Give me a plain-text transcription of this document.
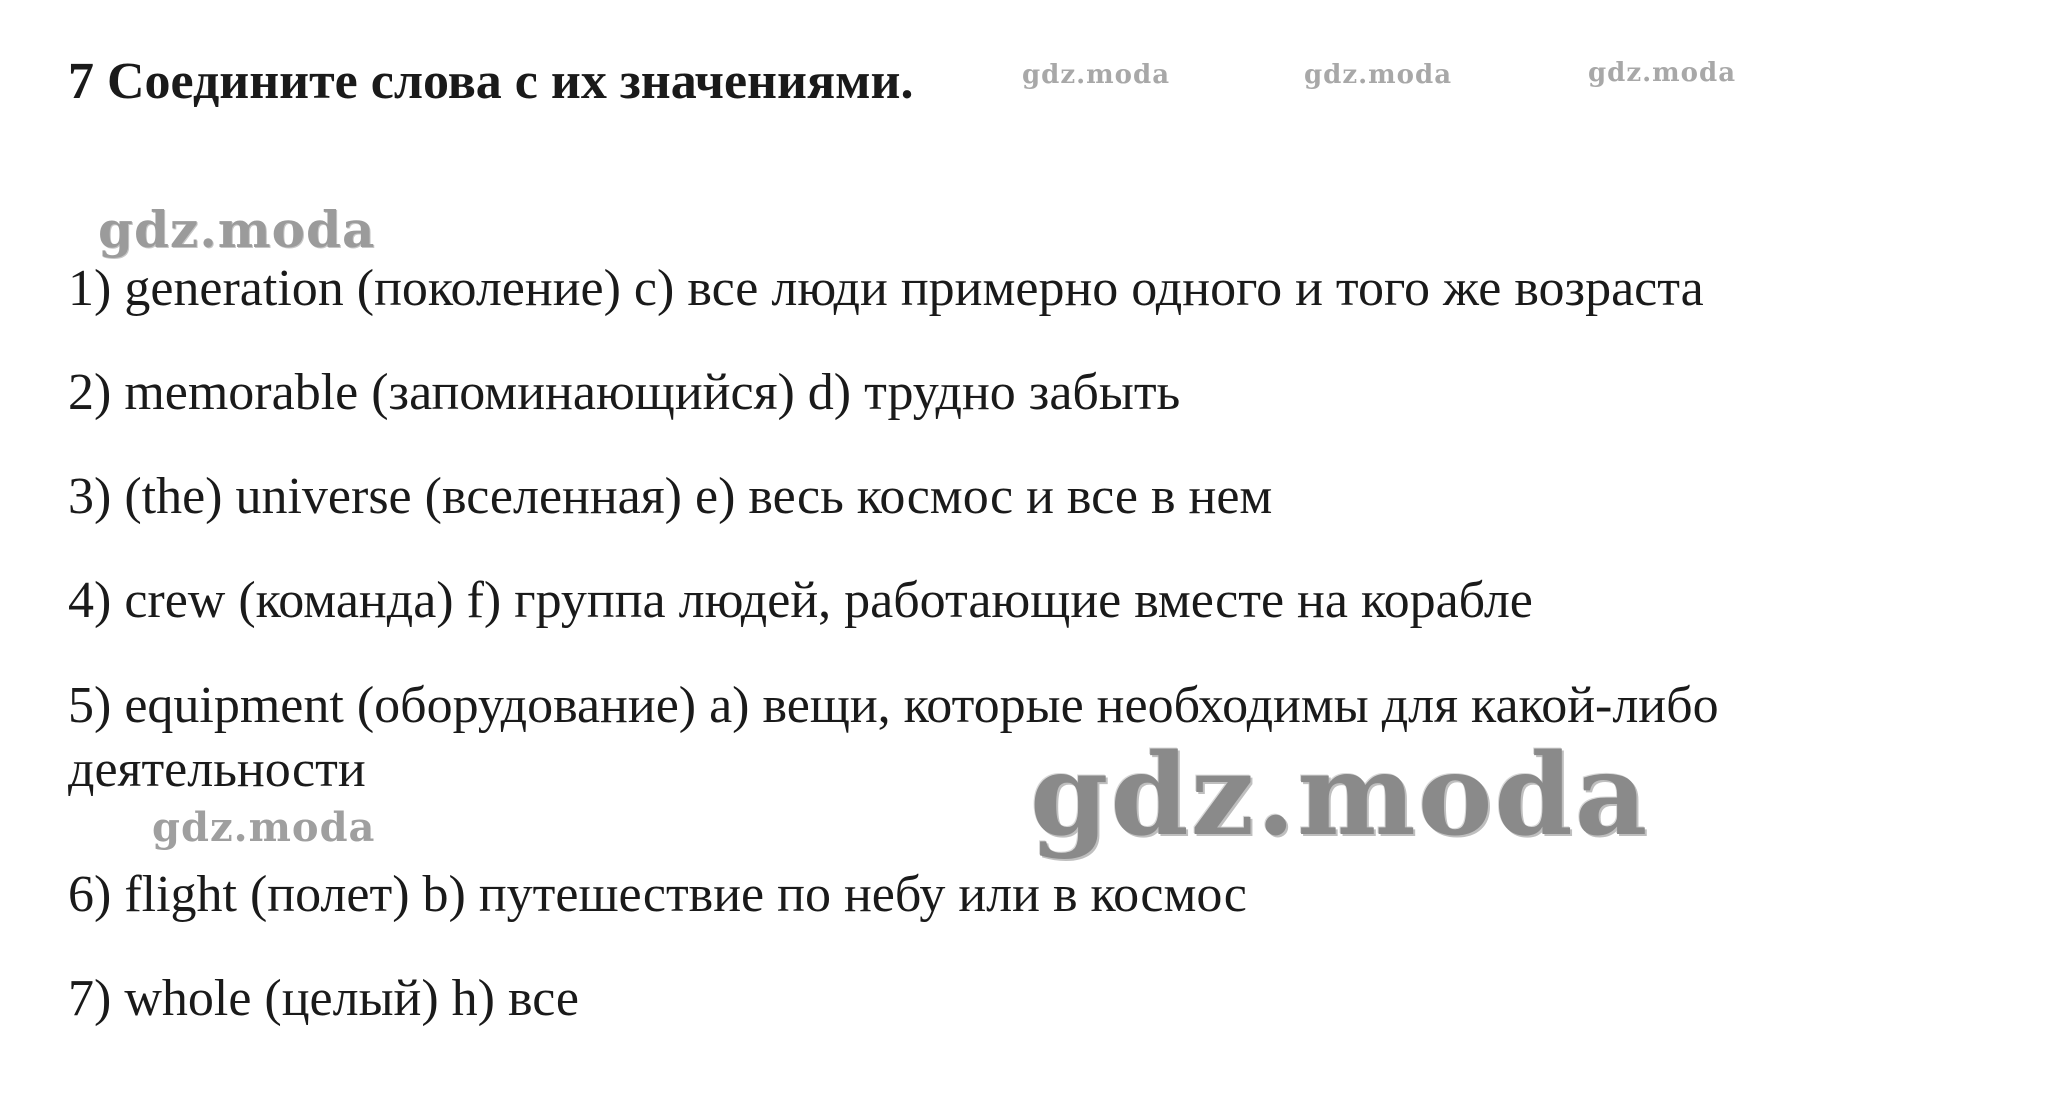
7 Соедините слова с их значениями.
1) generation (поколение) c) все люди примерно одного и того же возраста
2) memorable (запоминающийся) d) трудно забыть
3) (the) universe (вселенная) e) весь космос и все в нем
4) crew (команда) f) группа людей, работающие вместе на корабле
5) equipment (оборудование) a) вещи, которые необходимы для какой-либо деятельности
6) flight (полет) b) путешествие по небу или в космос
7) whole (целый) h) все
gdz.moda	gdz.moda	gdz.moda
gdz.moda
gdz.moda	gdz.moda
